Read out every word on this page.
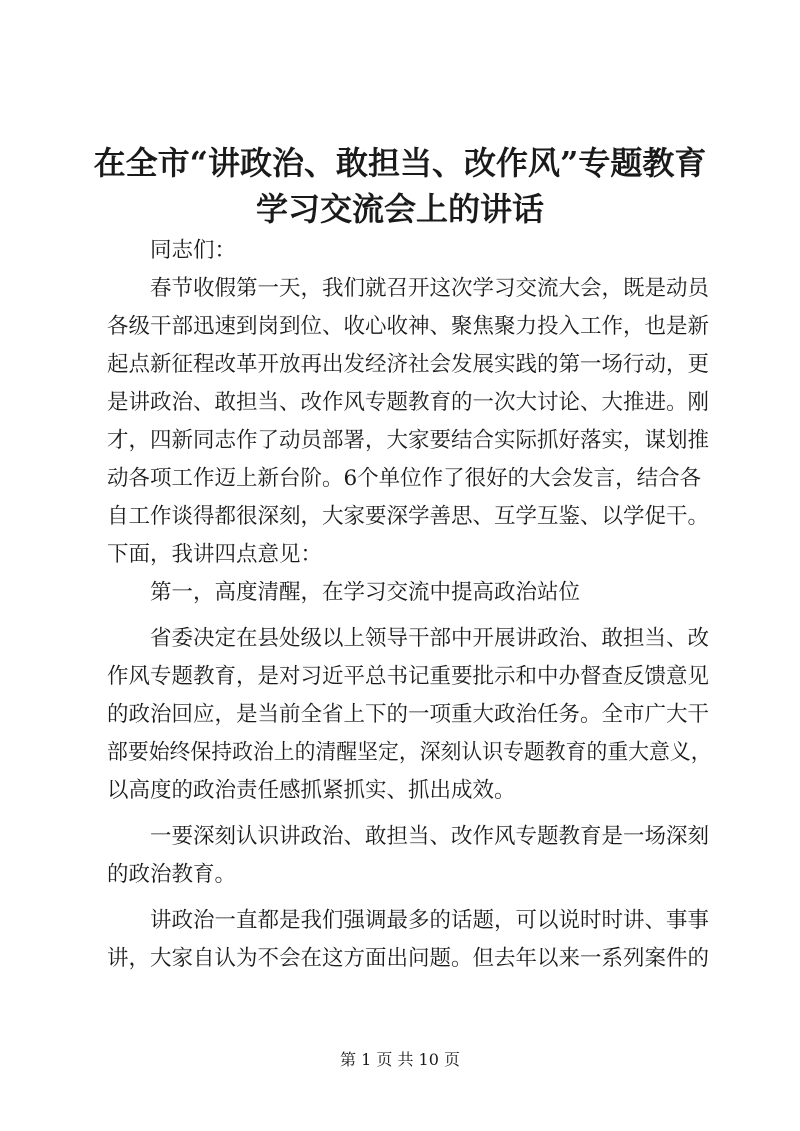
在全市“讲政治、敢担当、改作风”专题教育
学习交流会上的讲话
同志们：
春节收假第一天，我们就召开这次学习交流大会，既是动员
各级干部迅速到岗到位、收心收神、聚焦聚力投入工作，也是新
起点新征程改革开放再出发经济社会发展实践的第一场行动，更
是讲政治、敢担当、改作风专题教育的一次大讨论、大推进。刚
才，四新同志作了动员部署，大家要结合实际抓好落实，谋划推
动各项工作迈上新台阶。6个单位作了很好的大会发言，结合各
自工作谈得都很深刻，大家要深学善思、互学互鉴、以学促干。
下面，我讲四点意见：
第一，高度清醒，在学习交流中提高政治站位
省委决定在县处级以上领导干部中开展讲政治、敢担当、改
作风专题教育，是对习近平总书记重要批示和中办督查反馈意见
的政治回应，是当前全省上下的一项重大政治任务。全市广大干
部要始终保持政治上的清醒坚定，深刻认识专题教育的重大意义，
以高度的政治责任感抓紧抓实、抓出成效。
一要深刻认识讲政治、敢担当、改作风专题教育是一场深刻
的政治教育。
讲政治一直都是我们强调最多的话题，可以说时时讲、事事
讲，大家自认为不会在这方面出问题。但去年以来一系列案件的
第 1 页 共 10 页
